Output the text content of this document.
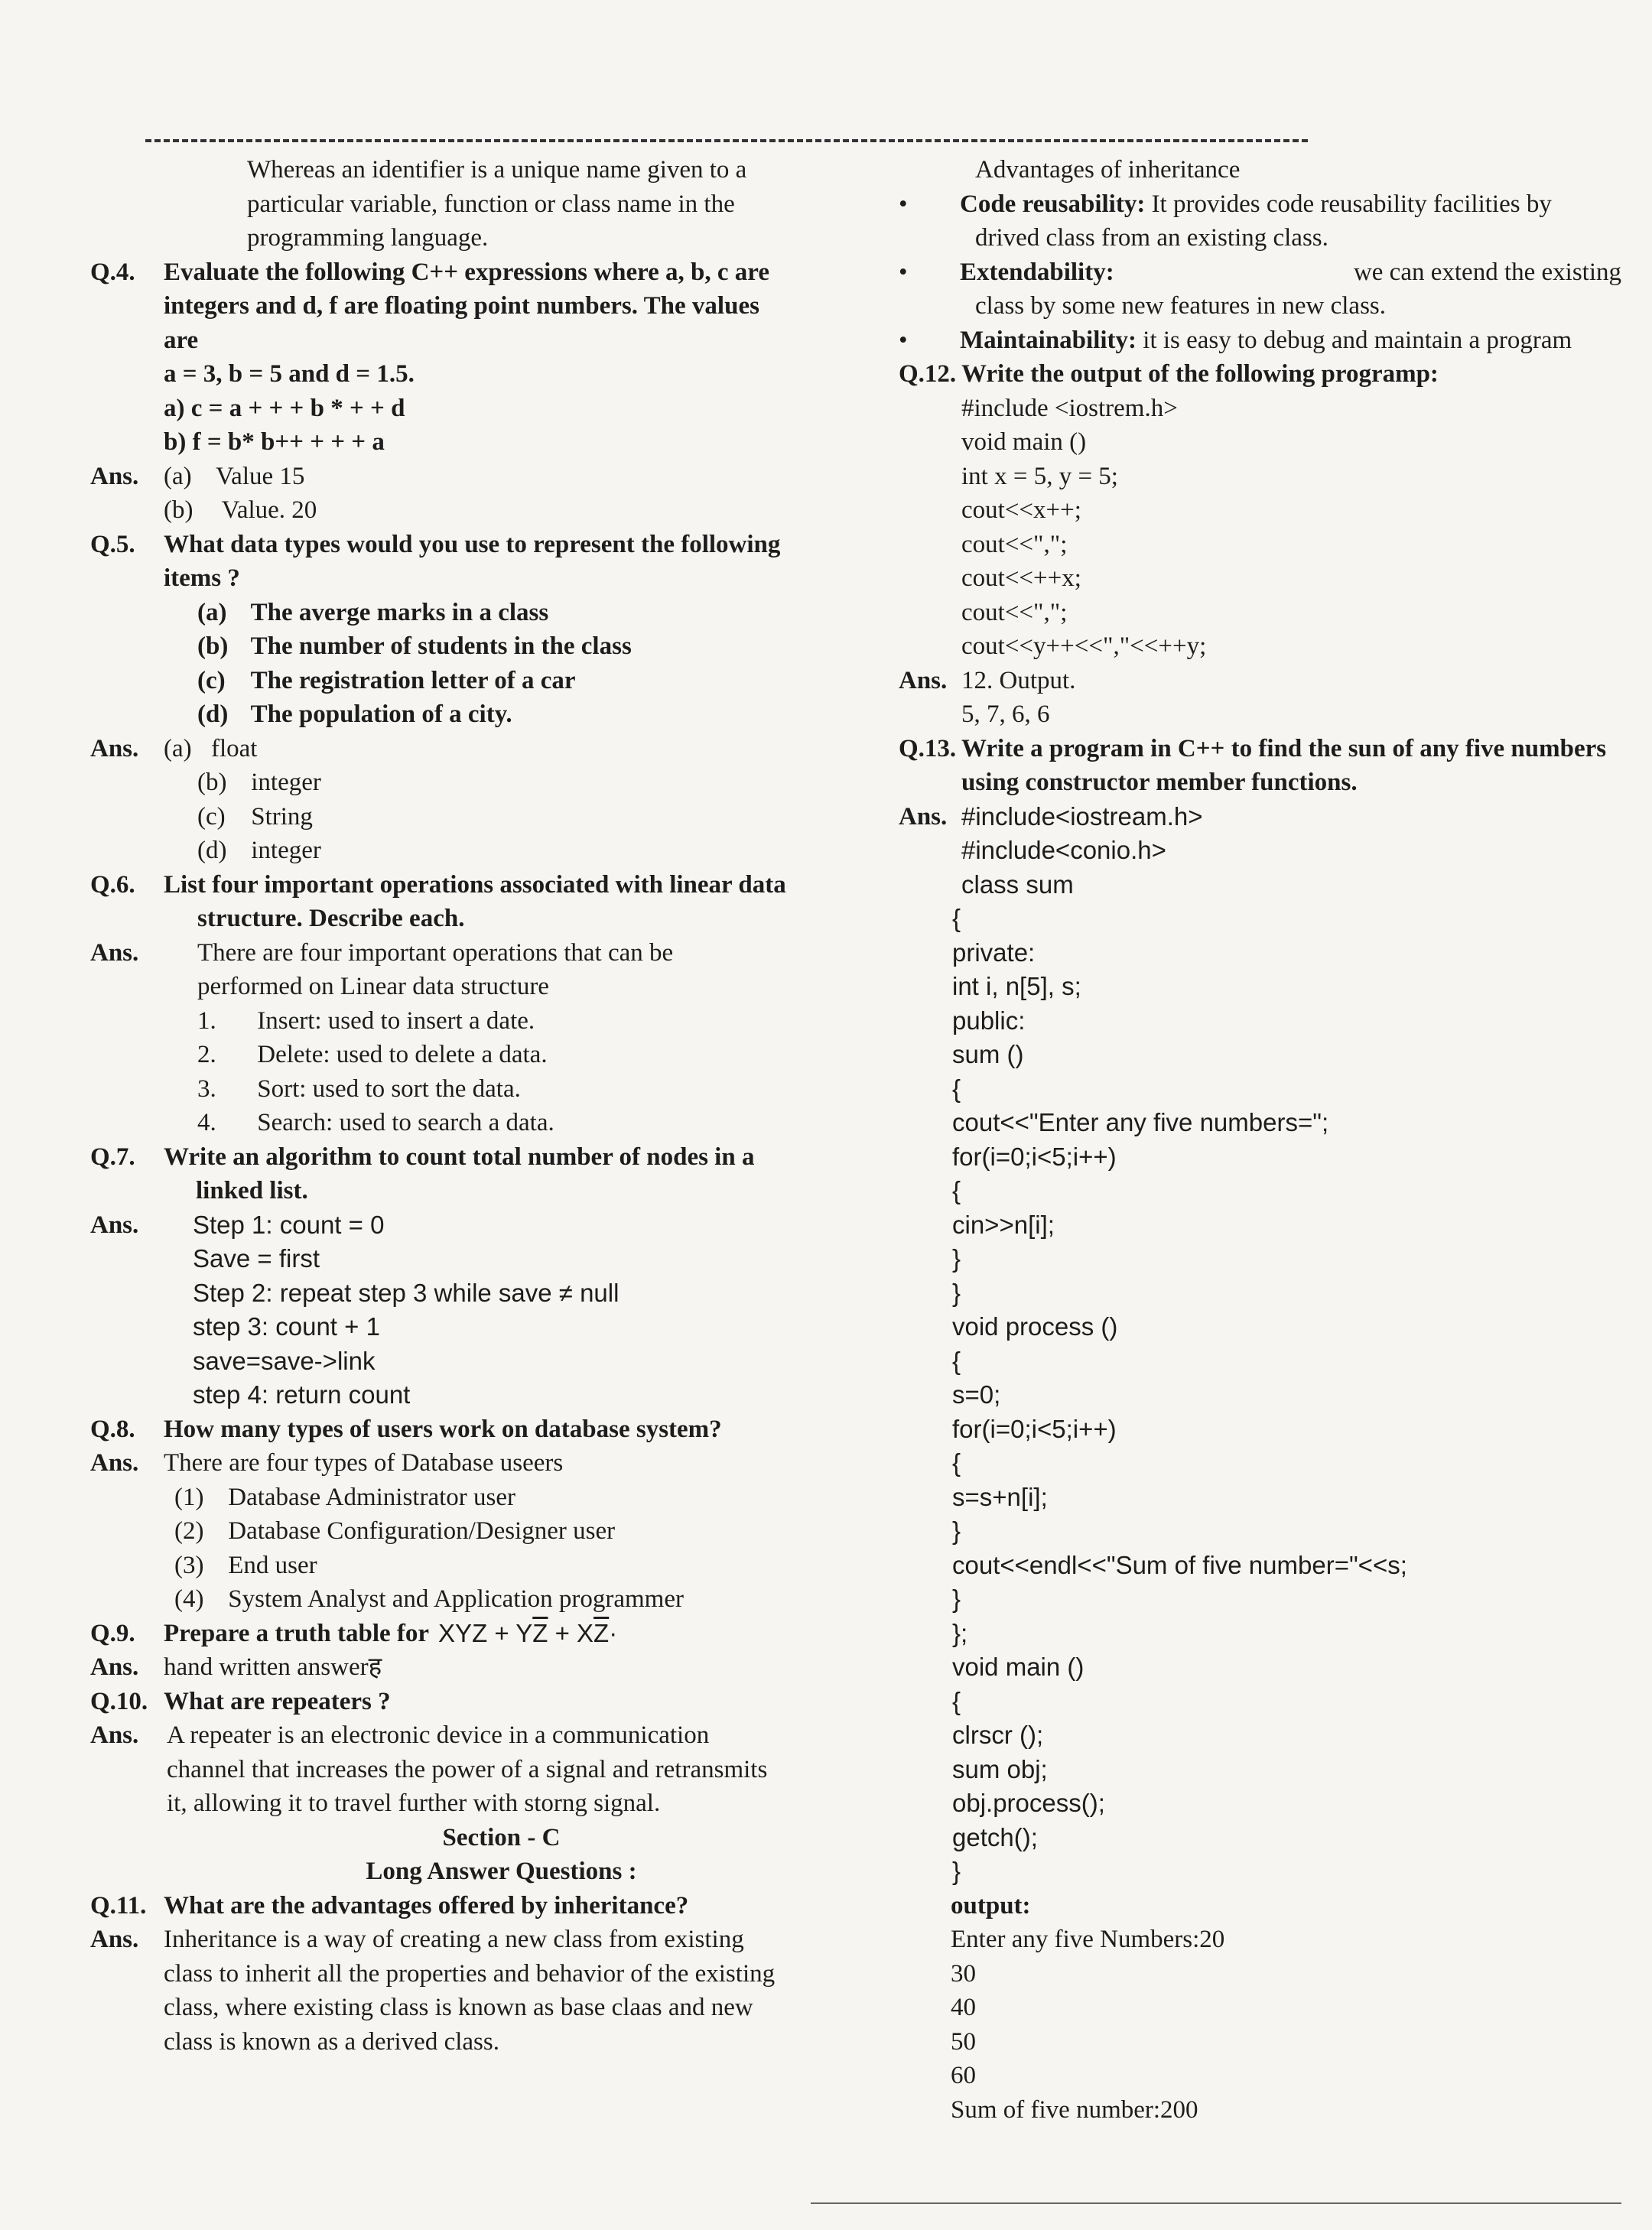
Whereas an identifier is a unique name given to a
particular variable, function or class name in the
programming language.
Q.4.	Evaluate the following C++ expressions where a, b, c are
integers and d, f are floating point numbers. The values
are
a = 3, b = 5 and d = 1.5.
a) c = a + + + b * + + d
b) f = b* b++ + + + a
Ans. (a) Value 15
(b) Value. 20
Q.5.	What data types would you use to represent the following
items ?
(a) The averge marks in a class
(b) The number of students in the class
(c) The registration letter of a car
(d) The population of a city.
Ans. (a) float
(b) integer
(c) String
(d) integer
Q.6.	List four important operations associated with linear data
structure. Describe each.
Ans.	There are four important operations that can be
performed on Linear data structure
1. Insert: used to insert a date.
2. Delete: used to delete a data.
3. Sort: used to sort the data.
4. Search: used to search a data.
Q.7.	Write an algorithm to count total number of nodes in a
linked list.
Ans.	Step 1: count = 0
Save = first
Step 2: repeat step 3 while save ≠ null
step 3: count + 1
save=save->link
step 4: return count
Q.8.	How many types of users work on database system?
Ans. There are four types of Database useers
(1) Database Administrator user
(2) Database Configuration/Designer user
(3) End user
(4) System Analyst and Application programmer
Q.9.	Prepare a truth table for XYZ + $Y\overline{Z} + X\overline{Z}\cdot$
Ans. hand written answerह
Q.10. What are repeaters ?
Ans.	A repeater is an electronic device in a communication
channel that increases the power of a signal and retransmits
it, allowing it to travel further with storng signal.
Section - C
Long Answer Questions :
Q.11. What are the advantages offered by inheritance?
Ans. Inheritance is a way of creating a new class from existing
class to inherit all the properties and behavior of the existing
class, where existing class is known as base claas and new
class is known as a derived class.
Advantages of inheritance
• Code reusability: It provides code reusability facilities by
drived class from an existing class.
• Extendability:	we can extend the existing
class by some new features in new class.
• Maintainability: it is easy to debug and maintain a program
Q.12. Write the output of the following programp:
#include <iostrem.h>
void main ()
int x = 5, y = 5;
cout<<x++;
cout<<",";
cout<<++x;
cout<<",";
cout<<y++<<","<<++y;
Ans. 12. Output.
5, 7, 6, 6
Q.13. Write a program in C++ to find the sun of any five numbers
using constructor member functions.
Ans. #include<iostream.h>
#include<conio.h>
class sum
{
private:
int i, n[5], s;
public:
sum ()
{
cout<<"Enter any five numbers=";
for(i=0;i<5;i++)
{
cin>>n[i];
}
}
void process ()
{
s=0;
for(i=0;i<5;i++)
{
s=s+n[i];
}
cout<<endl<<"Sum of five number="<<s;
}
};
void main ()
{
clrscr ();
sum obj;
obj.process();
getch();
}
output:
Enter any five Numbers:20
30
40
50
60
Sum of five number:200
